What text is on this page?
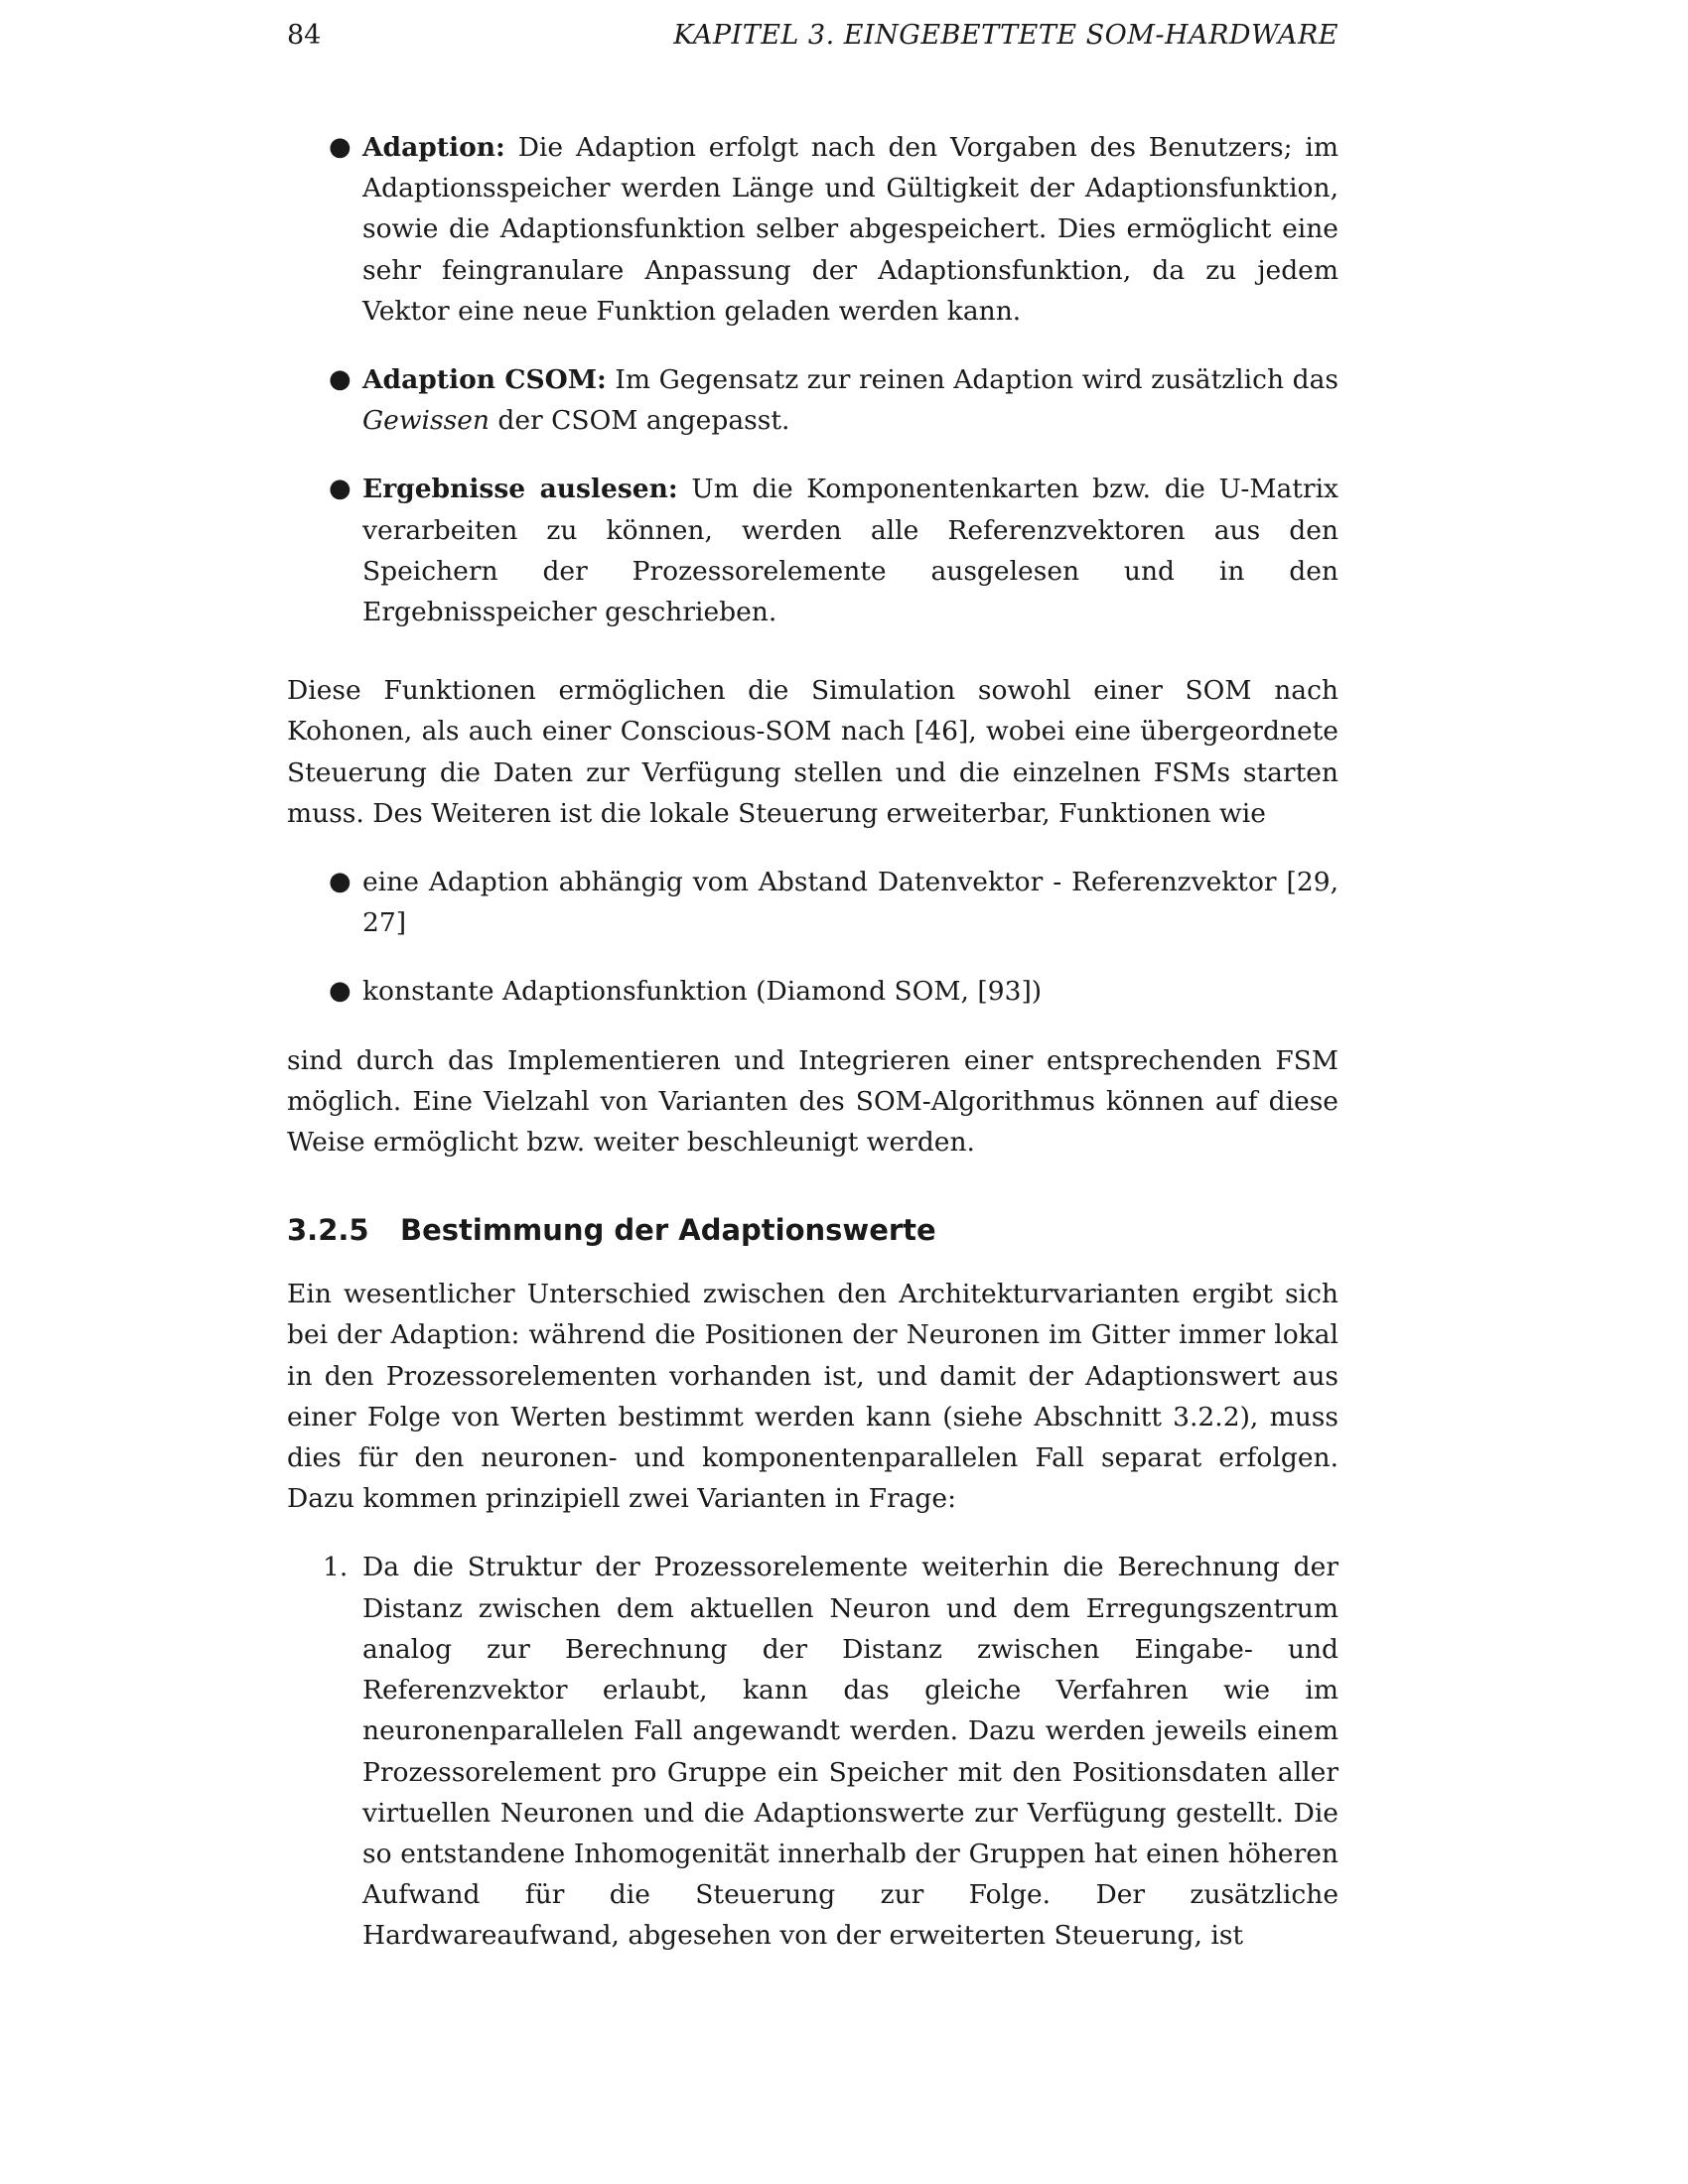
84	KAPITEL 3. EINGEBETTETE SOM-HARDWARE
● Adaption: Die Adaption erfolgt nach den Vorgaben des Benutzers; im Adaptionsspeicher werden Länge und Gültigkeit der Adaptionsfunktion, sowie die Adaptionsfunktion selber abgespeichert. Dies ermöglicht eine sehr feingranulare Anpassung der Adaptionsfunktion, da zu jedem Vektor eine neue Funktion geladen werden kann.
● Adaption CSOM: Im Gegensatz zur reinen Adaption wird zusätzlich das Gewissen der CSOM angepasst.
● Ergebnisse auslesen: Um die Komponentenkarten bzw. die U-Matrix verarbeiten zu können, werden alle Referenzvektoren aus den Speichern der Prozessorelemente ausgelesen und in den Ergebnisspeicher geschrieben.

Diese Funktionen ermöglichen die Simulation sowohl einer SOM nach Kohonen, als auch einer Conscious-SOM nach [46], wobei eine übergeordnete Steuerung die Daten zur Verfügung stellen und die einzelnen FSMs starten muss. Des Weiteren ist die lokale Steuerung erweiterbar, Funktionen wie

● eine Adaption abhängig vom Abstand Datenvektor - Referenzvektor [29, 27]
● konstante Adaptionsfunktion (Diamond SOM, [93])

sind durch das Implementieren und Integrieren einer entsprechenden FSM möglich. Eine Vielzahl von Varianten des SOM-Algorithmus können auf diese Weise ermöglicht bzw. weiter beschleunigt werden.

3.2.5 Bestimmung der Adaptionswerte

Ein wesentlicher Unterschied zwischen den Architekturvarianten ergibt sich bei der Adaption: während die Positionen der Neuronen im Gitter immer lokal in den Prozessorelementen vorhanden ist, und damit der Adaptionswert aus einer Folge von Werten bestimmt werden kann (siehe Abschnitt 3.2.2), muss dies für den neuronen- und komponentenparallelen Fall separat erfolgen. Dazu kommen prinzipiell zwei Varianten in Frage:

1. Da die Struktur der Prozessorelemente weiterhin die Berechnung der Distanz zwischen dem aktuellen Neuron und dem Erregungszentrum analog zur Berechnung der Distanz zwischen Eingabe- und Referenzvektor erlaubt, kann das gleiche Verfahren wie im neuronenparallelen Fall angewandt werden. Dazu werden jeweils einem Prozessorelement pro Gruppe ein Speicher mit den Positionsdaten aller virtuellen Neuronen und die Adaptionswerte zur Verfügung gestellt. Die so entstandene Inhomogenität innerhalb der Gruppen hat einen höheren Aufwand für die Steuerung zur Folge. Der zusätzliche Hardwareaufwand, abgesehen von der erweiterten Steuerung, ist
